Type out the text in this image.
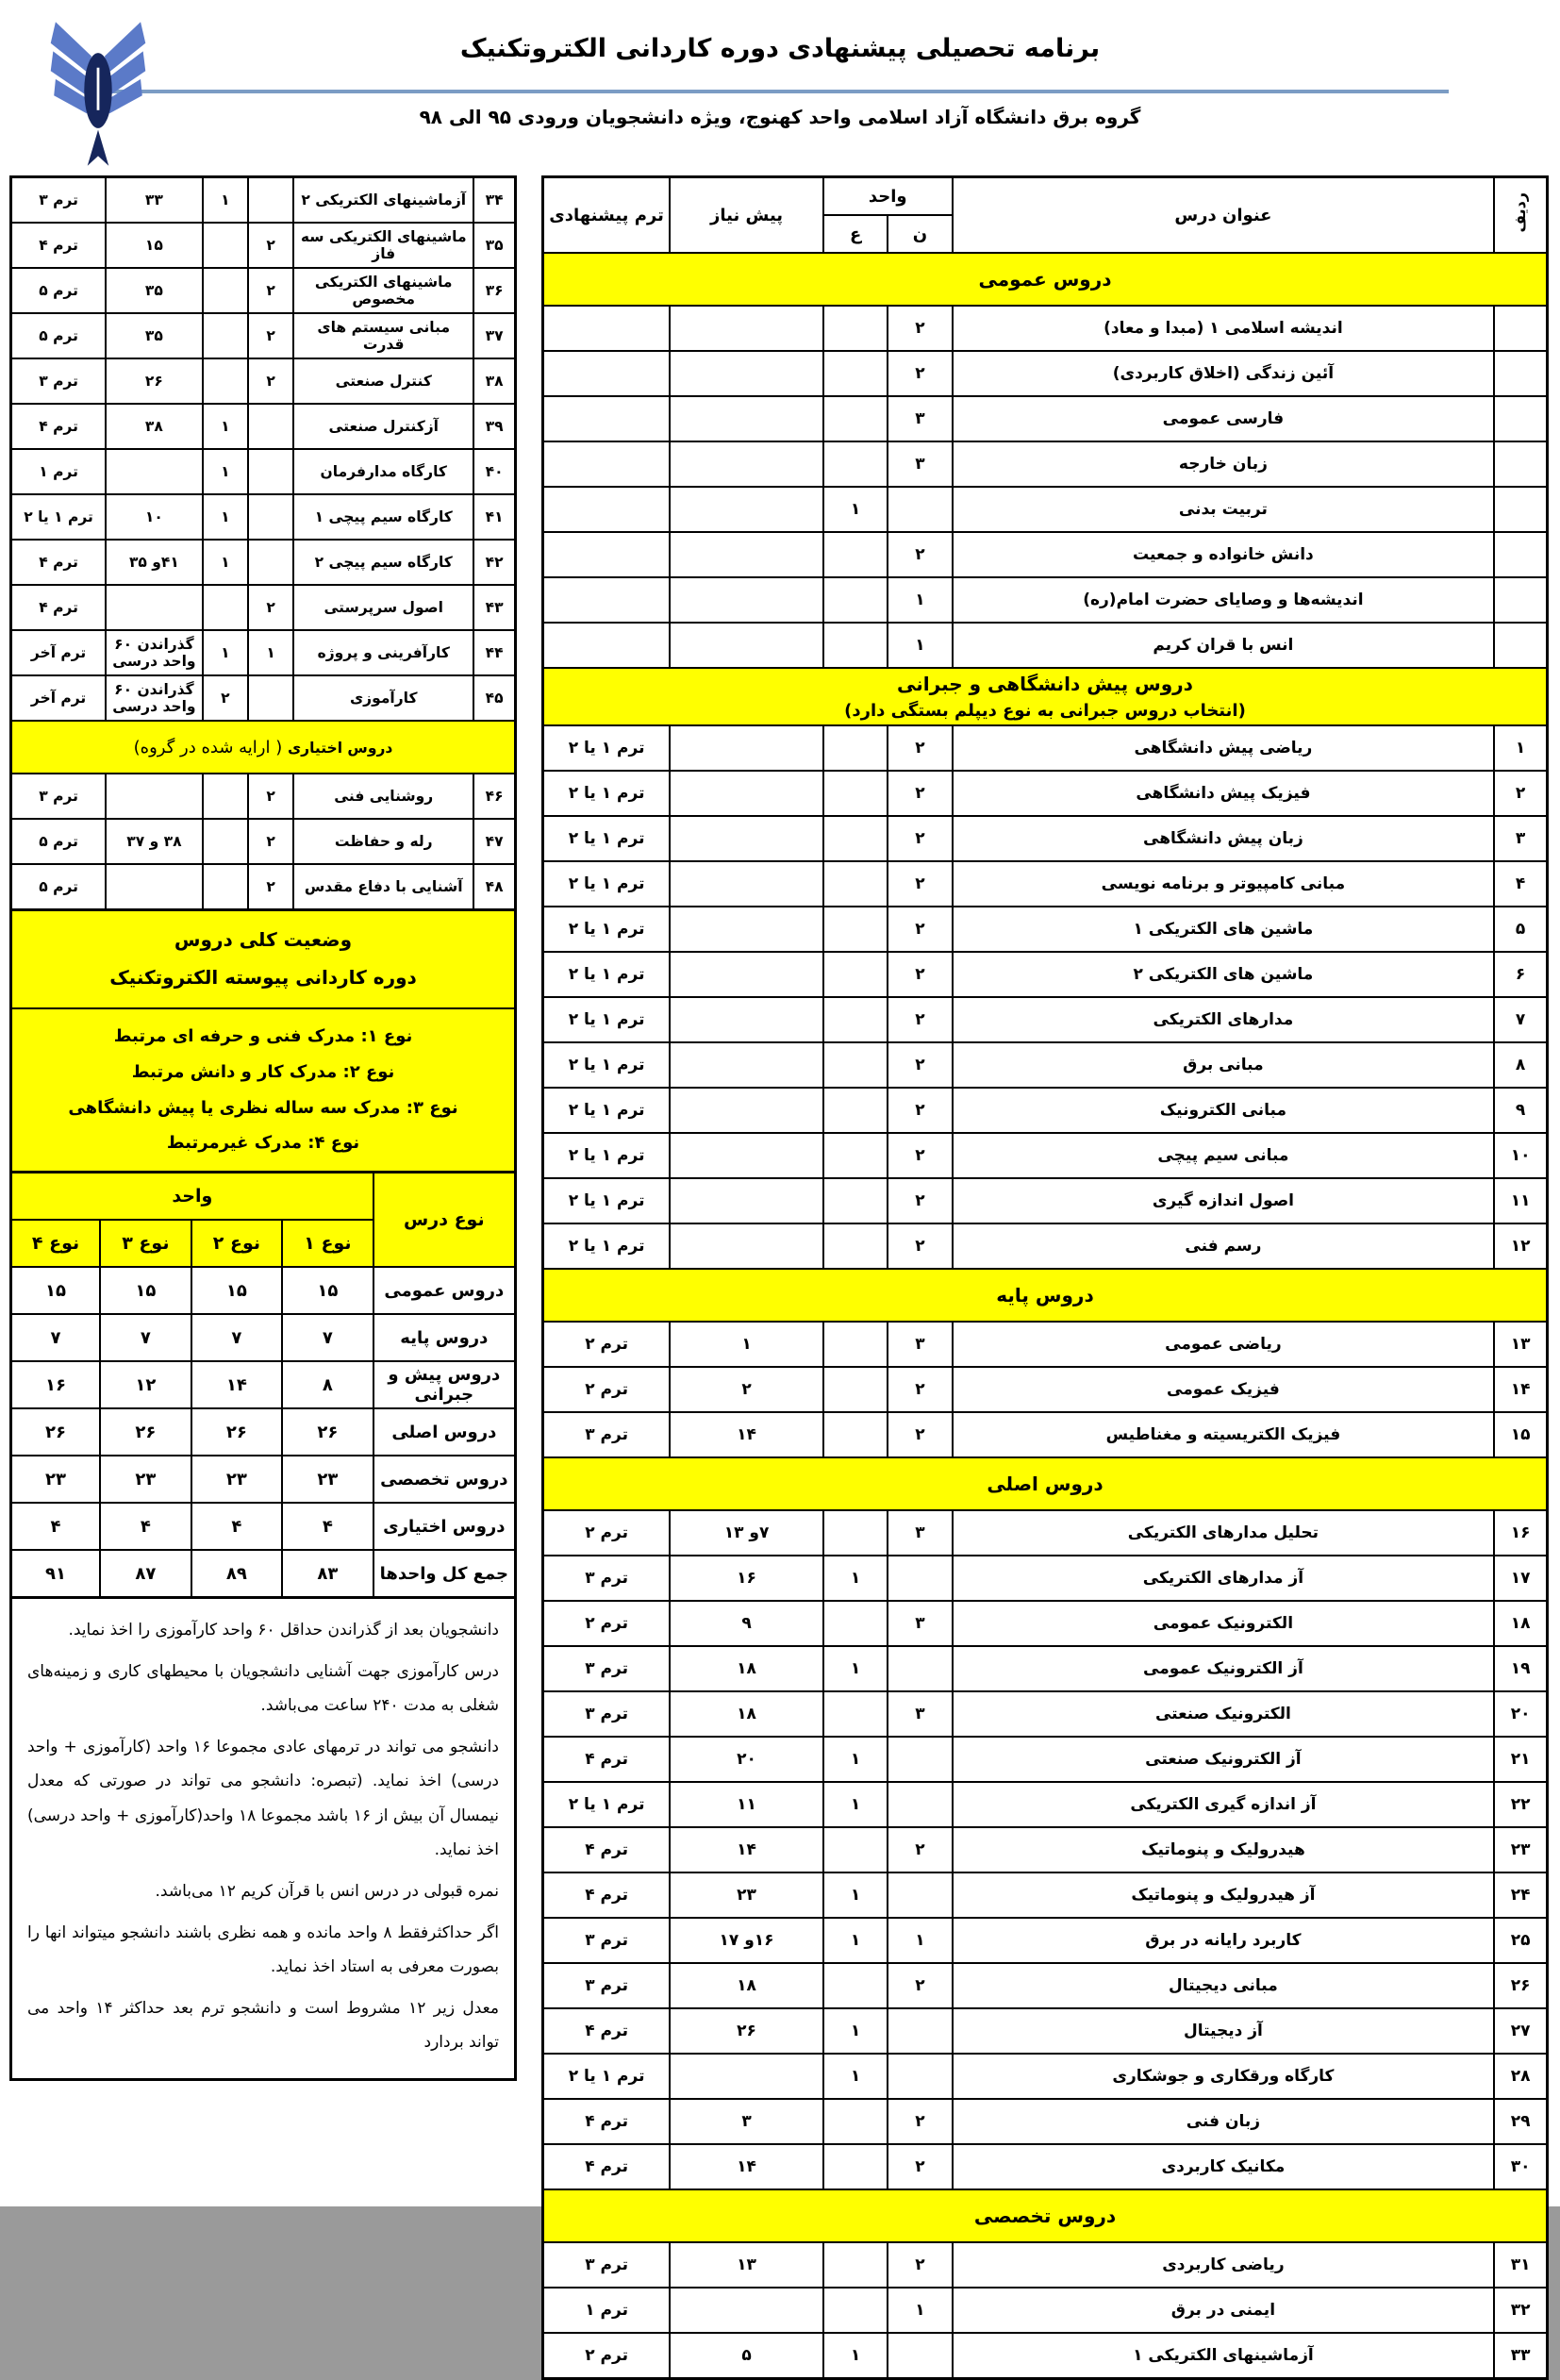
برنامه تحصیلی پیشنهادی دوره کاردانی الکتروتکنیک
گروه برق دانشگاه آزاد اسلامی واحد کهنوج، ویژه دانشجویان ورودی ۹۵ الی ۹۸
ردیف	عنوان درس	واحد		پیش نیاز	ترم پیشنهادی
		ن	ع		
دروس عمومی					
	اندیشه اسلامی ۱ (مبدا و معاد)	۲			
	آئین زندگی (اخلاق کاربردی)	۲			
	فارسی عمومی	۳			
	زبان خارجه	۳			
	تربیت بدنی		۱		
	دانش خانواده و جمعیت	۲			
	اندیشه‌ها و وصایای حضرت امام(ره)	۱			
	انس با قران کریم	۱			
دروس پیش دانشگاهی و جبرانی
(انتخاب دروس جبرانی به نوع دیپلم بستگی دارد)					

۱	ریاضی پیش دانشگاهی	۲			ترم ۱ یا ۲
۲	فیزیک پیش دانشگاهی	۲			ترم ۱ یا ۲
۳	زبان پیش دانشگاهی	۲			ترم ۱ یا ۲
۴	مبانی کامپیوتر و برنامه نویسی	۲			ترم ۱ یا ۲
۵	ماشین های الکتریکی ۱	۲			ترم ۱ یا ۲
۶	ماشین های الکتریکی ۲	۲			ترم ۱ یا ۲
۷	مدارهای الکتریکی	۲			ترم ۱ یا ۲
۸	مبانی برق	۲			ترم ۱ یا ۲
۹	مبانی الکترونیک	۲			ترم ۱ یا ۲
۱۰	مبانی سیم پیچی	۲			ترم ۱ یا ۲
۱۱	اصول اندازه گیری	۲			ترم ۱ یا ۲
۱۲	رسم فنی	۲			ترم ۱ یا ۲
دروس پایه					
۱۳	ریاضی عمومی	۳		۱	ترم ۲
۱۴	فیزیک عمومی	۲		۲	ترم ۲
۱۵	فیزیک الکتریسیته و مغناطیس	۲		۱۴	ترم ۳
دروس اصلی					
۱۶	تحلیل مدارهای الکتریکی	۳		۷و ۱۳	ترم ۲
۱۷	آز مدارهای الکتریکی		۱	۱۶	ترم ۳
۱۸	الکترونیک عمومی	۳		۹	ترم ۲
۱۹	آز الکترونیک عمومی		۱	۱۸	ترم ۳
۲۰	الکترونیک صنعتی	۳		۱۸	ترم ۳
۲۱	آز الکترونیک صنعتی		۱	۲۰	ترم ۴
۲۲	آز اندازه گیری الکتریکی		۱	۱۱	ترم ۱ یا ۲
۲۳	هیدرولیک و پنوماتیک	۲		۱۴	ترم ۴
۲۴	آز هیدرولیک و پنوماتیک		۱	۲۳	ترم ۴
۲۵	کاربرد رایانه در برق	۱	۱	۱۶و ۱۷	ترم ۳
۲۶	مبانی دیجیتال	۲		۱۸	ترم ۳
۲۷	آز دیجیتال		۱	۲۶	ترم ۴
۲۸	کارگاه ورقکاری و جوشکاری		۱		ترم ۱ یا ۲
۲۹	زبان فنی	۲		۳	ترم ۴
۳۰	مکانیک کاربردی	۲		۱۴	ترم ۴
دروس تخصصی					
۳۱	ریاضی کاربردی	۲		۱۳	ترم ۳
۳۲	ایمنی در برق	۱			ترم ۱
۳۳	آزماشینهای الکتریکی ۱		۱	۵	ترم ۲
۳۴	آزماشینهای الکتریکی ۲		۱	۳۳	ترم ۳
۳۵	ماشینهای الکتریکی سه فاز	۲		۱۵	ترم ۴
۳۶	ماشینهای الکتریکی مخصوص	۲		۳۵	ترم ۵
۳۷	مبانی سیستم های قدرت	۲		۳۵	ترم ۵
۳۸	کنترل صنعتی	۲		۲۶	ترم ۳
۳۹	آزکنترل صنعتی		۱	۳۸	ترم ۴
۴۰	کارگاه مدارفرمان		۱		ترم ۱
۴۱	کارگاه سیم پیچی ۱		۱	۱۰	ترم ۱ یا ۲
۴۲	کارگاه سیم پیچی ۲		۱	۴۱و ۳۵	ترم ۴
۴۳	اصول سرپرستی	۲			ترم ۴
۴۴	کارآفرینی و پروژه	۱	۱	گذراندن ۶۰ واحد درسی	ترم آخر
۴۵	کارآموزی		۲	گذراندن ۶۰ واحد درسی	ترم آخر
دروس اختیاری ( ارایه شده در گروه)					
۴۶	روشنایی فنی	۲			ترم ۳
۴۷	رله و حفاظت	۲		۳۸ و ۳۷	ترم ۵
۴۸	آشنایی با دفاع مقدس	۲			ترم ۵
وضعیت کلی دروس
دوره کاردانی پیوسته الکتروتکنیک
نوع ۱: مدرک فنی و حرفه ای مرتبط
نوع ۲: مدرک کار و دانش مرتبط
نوع ۳: مدرک سه ساله نظری یا پیش دانشگاهی
نوع ۴: مدرک غیرمرتبط
نوع درس	واحد			
	نوع ۱	نوع ۲	نوع ۳	نوع ۴
دروس عمومی	۱۵	۱۵	۱۵	۱۵
دروس پایه	۷	۷	۷	۷
دروس پیش و جبرانی	۸	۱۴	۱۲	۱۶
دروس اصلی	۲۶	۲۶	۲۶	۲۶
دروس تخصصی	۲۳	۲۳	۲۳	۲۳
دروس اختیاری	۴	۴	۴	۴
جمع کل واحدها	۸۳	۸۹	۸۷	۹۱

دانشجویان بعد از گذراندن حداقل ۶۰ واحد کارآموزی را اخذ نماید.

درس کارآموزی جهت آشنایی دانشجویان با محیطهای کاری و زمینه‌های شغلی به مدت ۲۴۰ ساعت می‌باشد.

دانشجو می تواند در ترمهای عادی مجموعا ۱۶ واحد (کارآموزی + واحد درسی) اخذ نماید. (تبصره: دانشجو می تواند در صورتی که معدل نیمسال آن بیش از ۱۶ باشد مجموعا ۱۸ واحد(کارآموزی + واحد درسی) اخذ نماید.

نمره قبولی در درس انس با قرآن کریم ۱۲ می‌باشد.

اگر حداکثرفقط ۸ واحد مانده و همه نظری باشند دانشجو میتواند انها را بصورت معرفی به استاد اخذ نماید.

معدل زیر ۱۲ مشروط است و دانشجو ترم بعد حداکثر ۱۴ واحد می تواند بردارد
